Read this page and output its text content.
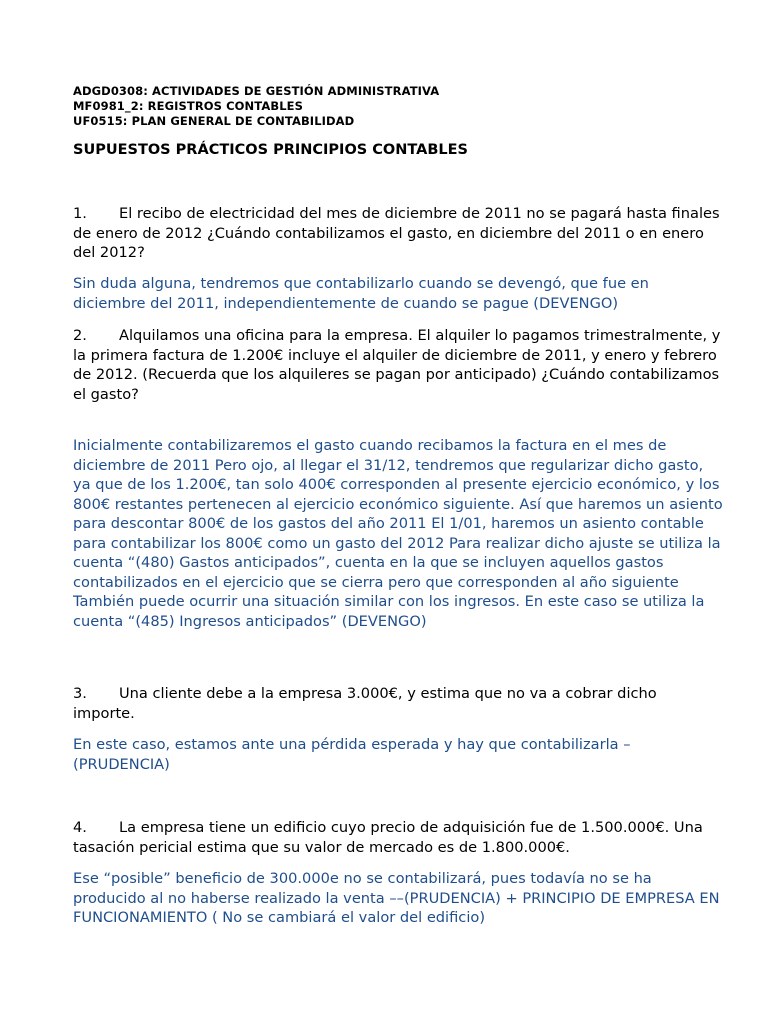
ADGD0308: ACTIVIDADES DE GESTIÓN ADMINISTRATIVA

MF0981_2: REGISTROS CONTABLES

UF0515: PLAN GENERAL DE CONTABILIDAD

SUPUESTOS PRÁCTICOS PRINCIPIOS CONTABLES

1. El recibo de electricidad del mes de diciembre de 2011 no se pagará hasta finales de enero de 2012 ¿Cuándo contabilizamos el gasto, en diciembre del 2011 o en enero del 2012?

Sin duda alguna, tendremos que contabilizarlo cuando se devengó, que fue en diciembre del 2011, independientemente de cuando se pague (DEVENGO)

2. Alquilamos una oficina para la empresa. El alquiler lo pagamos trimestralmente, y la primera factura de 1.200€ incluye el alquiler de diciembre de 2011, y enero y febrero de 2012. (Recuerda que los alquileres se pagan por anticipado) ¿Cuándo contabilizamos el gasto?

Inicialmente contabilizaremos el gasto cuando recibamos la factura en el mes de diciembre de 2011 Pero ojo, al llegar el 31/12, tendremos que regularizar dicho gasto, ya que de los 1.200€, tan solo 400€ corresponden al presente ejercicio económico, y los 800€ restantes pertenecen al ejercicio económico siguiente. Así que haremos un asiento para descontar 800€ de los gastos del año 2011 El 1/01, haremos un asiento contable para contabilizar los 800€ como un gasto del 2012 Para realizar dicho ajuste se utiliza la cuenta “(480) Gastos anticipados”, cuenta en la que se incluyen aquellos gastos contabilizados en el ejercicio que se cierra pero que corresponden al año siguiente También puede ocurrir una situación similar con los ingresos. En este caso se utiliza la cuenta “(485) Ingresos anticipados” (DEVENGO)

3. Una cliente debe a la empresa 3.000€, y estima que no va a cobrar dicho importe.

En este caso, estamos ante una pérdida esperada y hay que contabilizarla –(PRUDENCIA)

4. La empresa tiene un edificio cuyo precio de adquisición fue de 1.500.000€. Una tasación pericial estima que su valor de mercado es de 1.800.000€.

Ese “posible” beneficio de 300.000e no se contabilizará, pues todavía no se ha producido al no haberse realizado la venta ––(PRUDENCIA) + PRINCIPIO DE EMPRESA EN FUNCIONAMIENTO ( No se cambiará el valor del edificio)
